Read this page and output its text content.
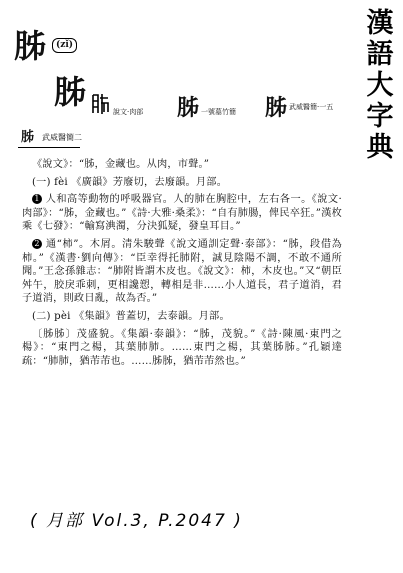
漢
語
大
字
典
胏	(zǐ)
胏
說文·肉部 胏 一號墓竹簡 胏 武威醫簡·一五
胏 武威醫簡二

《說文》：“胏，金藏也。从肉，市聲。”

(一) fèi 《廣韻》芳廢切，去廢韻。月部。

1 人和高等動物的呼吸器官。人的肺在胸腔中，左右各一。《說文·肉部》：“胏，金藏也。”《詩·大雅·桑柔》：“自有肺腸，俾民卒狂。”漢枚乘《七發》：“輸寫淟濁，分決狐疑，發皇耳目。”

2 通“柿”。木屑。清朱駿聲《說文通訓定聲·泰部》：“胏，段借為柿。”《漢書·劉向傳》：“臣幸得托肺附，誠見陰陽不調，不敢不通所聞。”王念孫雜志：“肺附皆謂木皮也。《說文》：柿，木皮也。”又“朝臣舛午，胶戾乖刺，更相讒愬，轉相是非……小人道長，君子道消，君子道消，則政日亂，故為否。”

(二) pèi 《集韻》普蓋切，去泰韻。月部。

〔胏胏〕茂盛貌。《集韻·泰韻》：“胏，茂貌。”《詩·陳風·東門之楊》：“東門之楊，其葉肺肺。……東門之楊，其葉胏胏。”孔穎達疏：“肺肺，猶芾芾也。……胏胏，猶芾芾然也。”

( 月部 Vol.3, P.2047 )
